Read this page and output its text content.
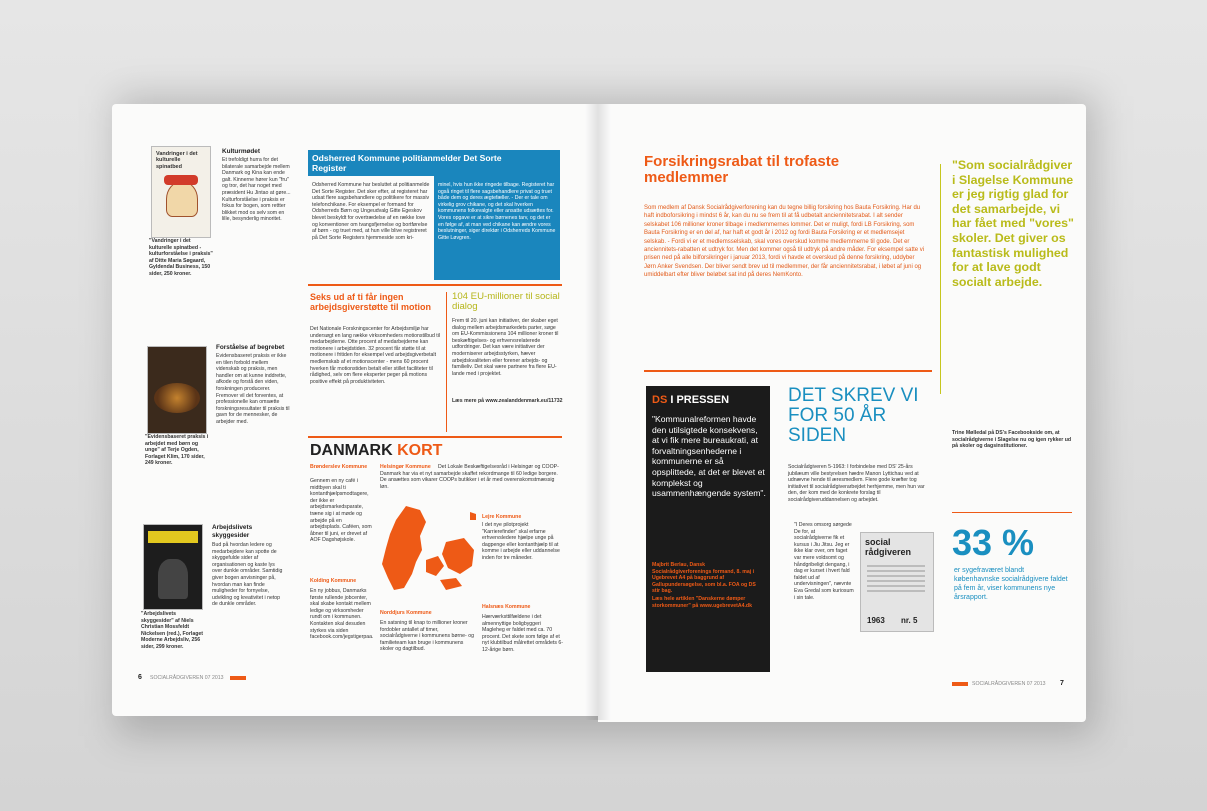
Vandringer i det kulturelle spinatbed
Kulturmødet
Et trefoldigt hurra for det bilaterale samarbejde mellem Danmark og Kina kan ende galt. Kinnerne hører kun "fru" og tror, det har noget med præsident Hu Jintao at gøre... Kulturforståelse i praksis er fokus for bogen, som rettter blikket mod os selv som en lille, besynderlig minoritet.
"Vandringer i det kulturelle spinatbed - kulturforståelse i praksis" af Ditte Maria Søgaard, Gyldendal Business, 150 sider, 250 kroner.
Forståelse af begrebet
Evidensbaseret praksis er ikke en tilen forbold mellem videnskab og praksis, men handler om at kunne inddrette, afkode og forstå den viden, forskningen producerer. Fremover vil det forventes, at professionelle kan omsætte forskningsresultater til praksis til gavn for de mennesker, de arbejder med.
"Evidensbaseret praksis i arbejdet med børn og unge" af Terje Ogden, Forlaget Klim, 170 sider, 249 kroner.
Arbejdslivets skyggesider
Bud på hvordan ledere og medarbejdere kan spotte de skyggefulde sider af organisationen og kaste lys over dunkle områder. Samtidig giver bogen anvisninger på, hvordan man kan finde muligheder for fornyelse, udvikling og kreativitet i netop de dunkle områder.
"Arbejdslivets skyggesider" af Niels Christian Mossfeldt Nickelsen (red.), Forlaget Moderne Arbejdsliv, 256 sider, 299 kroner.
Odsherred Kommune politianmelder Det Sorte Register
Odsherred Kommune har besluttet at politianmelde Det Sorte Register. Det sker efter, at registeret har udsat flere sagsbehandlere og politikere for massiv telefonchikane. For eksempel er formand for Odsherreds Børn og Ungeudvalg Gitte Egeskov blevet beskyldt for overtrædelse af en række love og konventioner om tvangsfjernelse og bortførelse af børn - og truet med, at hun ville blive registreret på Det Sorte Registers hjemmeside som kri-
minel, hvis hun ikke ringede tilbage. Registeret har også ringet til flere sagsbehandlere privat og truet både dem og deres ægtefæller. - Der er tale om virkelig grov chikane, og det skal hverken kommunens folkevalgte eller ansatte udsættes for. Vores opgave er at sikre børnenes tarv, og det er en følge af, at man ved chikane kan ændre vores beslutninger, siger direktør i Odsherreds Kommune Gitte Løvgren.
Seks ud af ti får ingen arbejdsgiverstøtte til motion
Det Nationale Forskningscenter for Arbejdsmiljø har undersøgt en lang række virksomheders motionstilbud til medarbejderne. Otte procent af medarbejderne kan motionere i arbejdstiden. 32 procent får støtte til at motionere i fritiden for eksempel ved arbejdsgiverbetalt medlemskab af et motionscenter - mens 60 procent hverken får motionstiden betalt eller stillet faciliteter til rådighed, selv om flere eksperter peger på motions positive effekt på produktiviteten.
104 EU-millioner til social dialog
Frem til 20. juni kan initiativer, der skaber eget dialog mellem arbejdsmarkedets parter, søge om EU-Kommissionens 104 millioner kroner til beskæftigelses- og erhvervsrelaterede udfordringer. Det kan være initiativer der moderniserer arbejdsstyrken, hæver arbejdskvaliteten eller forener arbejds- og familieliv. Det skal være partnere fra flere EU-lande med i projektet.
Læs mere på www.zealanddenmark.eu/11732
DANMARK KORT
Brønderslev Kommune
Gennem en ny café i midtbyen skal ti kontanthjælpsmodtagere, der ikke er arbejdsmarkedsparate, træne sig i at møde og arbejde på en arbejdsplads. Caféen, som åbner til juni, er drevet af AOF Dagshøjskole.
Helsingør Kommune	Det Lokale Beskæftigelsesråd i Helsingør og COOP-Danmark har via et nyt samarbejde skaffet rekordmange til 60 ledige borgere. De ansættes som vikarer COOPs butikker i et år med overenskomstmæssig løn.
Lejre Kommune
I det nye pilotprojekt "Karrierefinder" skal erfarne erhvervsledere hjælpe unge på dagpenge eller kontanthjælp til at komme i arbejde eller uddannelse inden for tre måneder.
Kolding Kommune
En ny jobbus, Danmarks første rullende jobcenter, skal skabe kontakt mellem ledige og virksomheder rundt om i kommunen. Kontakten skal desuden styrkes via siden facebook.com/jegstigerpaa.
Norddjurs Kommune
En satsning til knap to millioner kroner fordobler antallet af timer, socialrådgiverne i kommunens børne- og familieteam kan bruge i kommunens skoler og dagtilbud.
Halsnæs Kommune
Hærværksttilfældene i det almennyttige boligbyggeri Magleheg er faldet med ca. 70 procent. Det skete som følge af et nyt klubtilbud målrettet områdets 6-12-årige børn.
6 SOCIALRÅDGIVEREN 07 2013
Forsikringsrabat til trofaste medlemmer
Som medlem af Dansk Socialrådgiverforening kan du tegne billig forsikring hos Bauta Forsikring. Har du haft indboforsikring i mindst 6 år, kan du nu se frem til at få udbetalt anciennitetsrabat. I alt sender selskabet 106 millioner kroner tilbage i medlemmernes lommer. Det er muligt, fordi LB Forsikring, som Bauta Forsikring er en del af, har haft et godt år i 2012 og fordi Bauta Forsikring er et medlemsejet selskab. - Fordi vi er et medlemsselskab, skal vores overskud komme medlemmerne til gode. Det er anciennitets-rabatten et udtryk for. Men det kommer også til udtryk på andre måder. For eksempel satte vi prisen ned på alle bilforsikringer i januar 2013, fordi vi havde et overskud på denne forsikring, uddyber Jørn Anker Svendsen. Der bliver sendt brev ud til medlemmer, der får anciennitetsrabat, i løbet af juni og umiddelbart efter bliver beløbet sat ind på deres NemKonto.
"Som socialrådgiver i Slagelse Kommune er jeg rigtig glad for det samarbejde, vi har fået med "vores" skoler. Det giver os fantastisk mulighed for at lave godt socialt arbejde.
Trine Mølledal på DS's Facebookside om, at socialrådgiverne i Slagelse nu og igen rykker ud på skoler og dagsinstitutioner.
DS I PRESSEN
"Kommunalreformen havde den utilsigtede konsekvens, at vi fik mere bureaukrati, at forvaltningsenhederne i kommunerne er så opsplittede, at det er blevet et komplekst og usammenhængende system".
Majbrit Berlau, Dansk Socialrådgiverforenings formand, 8. maj i Ugebrevet A4 på baggrund af Gallupundersøgelse, som bl.a. FOA og DS stir bag.
Læs hele artiklen "Danskerne dømper storkommuner" på www.ugebrevetA4.dk
DET SKREV VI FOR 50 ÅR SIDEN
Socialrådgiveren 5-1963: I forbindelse med DS' 25-års jubilæum ville bestyrelsen hædre Manon Lyttichau ved at udnævne hende til æresmedlem. Flere gode kræfter tog initiativet til socialrådgiverarbejdet herhjemme, men hun var den, der kom med de konkrete forslag til socialrådgiveruddannelsen og arbejdet.
"I Deres omsorg sørgede De for, at socialrådgiverne fik et kursus i Jiu Jitsu. Jeg er ikke klar over, om faget var mere voldsomt og håndgribeligt dengang, i dag er kurset i hvert fald faldet ud af undervisningen", nævnte Eva Gredal som kuriosum i sin tale.
social
rådgiveren
1963 nr. 5
33 %
er sygefraværet blandt københavnske socialrådgivere faldet på fem år, viser kommunens nye årsrapport.
SOCIALRÅDGIVEREN 07 2013	7
